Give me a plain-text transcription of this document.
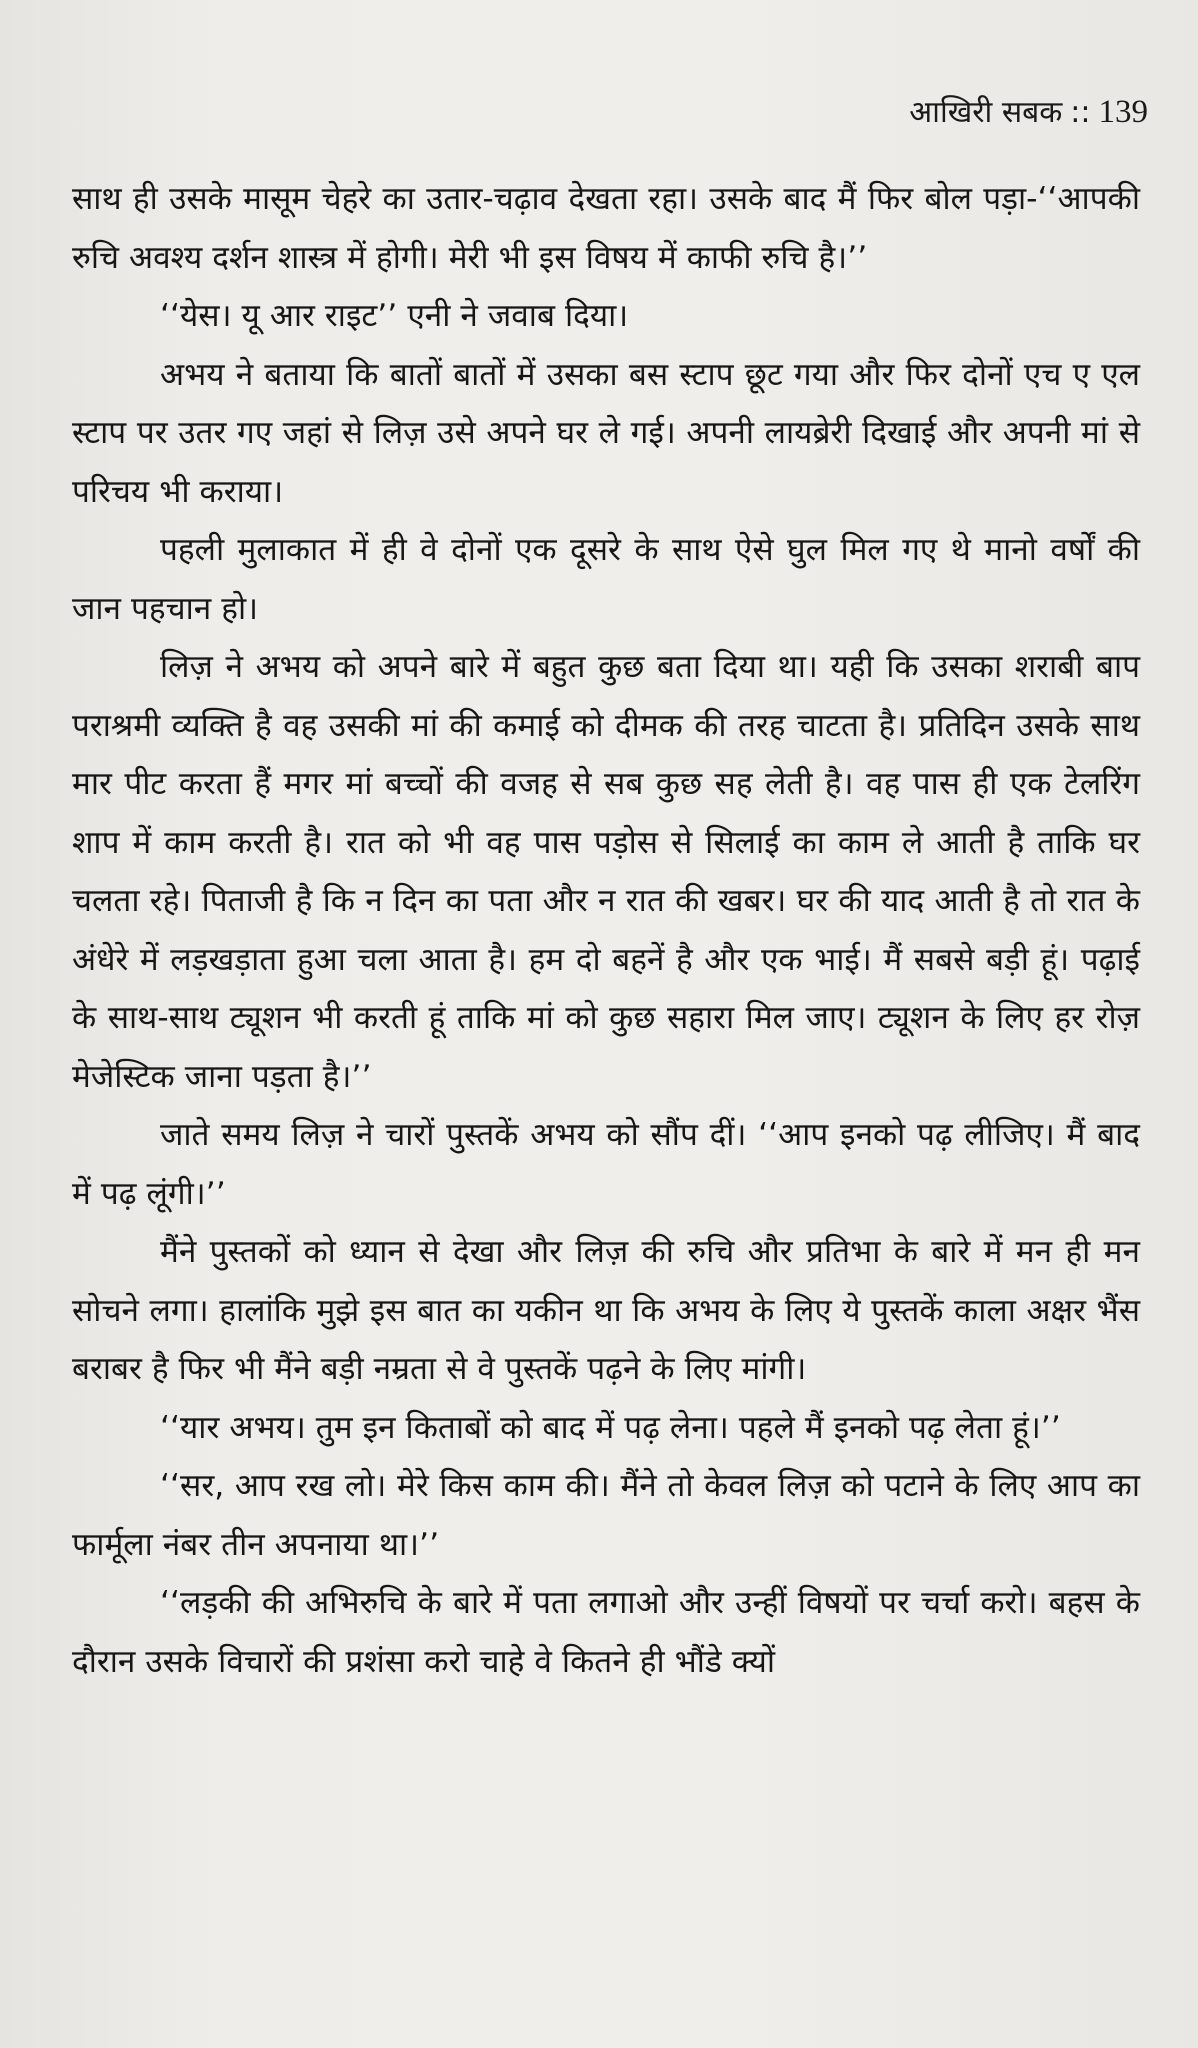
आखिरी सबक :: 139

साथ ही उसके मासूम चेहरे का उतार-चढ़ाव देखता रहा। उसके बाद मैं फिर बोल पड़ा-‘‘आपकी रुचि अवश्य दर्शन शास्त्र में होगी। मेरी भी इस विषय में काफी रुचि है।’’

‘‘येस। यू आर राइट’’ एनी ने जवाब दिया।

अभय ने बताया कि बातों बातों में उसका बस स्टाप छूट गया और फिर दोनों एच ए एल स्टाप पर उतर गए जहां से लिज़ उसे अपने घर ले गई। अपनी लायब्रेरी दिखाई और अपनी मां से परिचय भी कराया।

पहली मुलाकात में ही वे दोनों एक दूसरे के साथ ऐसे घुल मिल गए थे मानो वर्षों की जान पहचान हो।

लिज़ ने अभय को अपने बारे में बहुत कुछ बता दिया था। यही कि उसका शराबी बाप पराश्रमी व्यक्ति है वह उसकी मां की कमाई को दीमक की तरह चाटता है। प्रतिदिन उसके साथ मार पीट करता हैं मगर मां बच्चों की वजह से सब कुछ सह लेती है। वह पास ही एक टेलरिंग शाप में काम करती है। रात को भी वह पास पड़ोस से सिलाई का काम ले आती है ताकि घर चलता रहे। पिताजी है कि न दिन का पता और न रात की खबर। घर की याद आती है तो रात के अंधेरे में लड़खड़ाता हुआ चला आता है। हम दो बहनें है और एक भाई। मैं सबसे बड़ी हूं। पढ़ाई के साथ-साथ ट्यूशन भी करती हूं ताकि मां को कुछ सहारा मिल जाए। ट्यूशन के लिए हर रोज़ मेजेस्टिक जाना पड़ता है।’’

जाते समय लिज़ ने चारों पुस्तकें अभय को सौंप दीं। ‘‘आप इनको पढ़ लीजिए। मैं बाद में पढ़ लूंगी।’’

मैंने पुस्तकों को ध्यान से देखा और लिज़ की रुचि और प्रतिभा के बारे में मन ही मन सोचने लगा। हालांकि मुझे इस बात का यकीन था कि अभय के लिए ये पुस्तकें काला अक्षर भैंस बराबर है फिर भी मैंने बड़ी नम्रता से वे पुस्तकें पढ़ने के लिए मांगी।

‘‘यार अभय। तुम इन किताबों को बाद में पढ़ लेना। पहले मैं इनको पढ़ लेता हूं।’’

‘‘सर, आप रख लो। मेरे किस काम की। मैंने तो केवल लिज़ को पटाने के लिए आप का फार्मूला नंबर तीन अपनाया था।’’

‘‘लड़की की अभिरुचि के बारे में पता लगाओ और उन्हीं विषयों पर चर्चा करो। बहस के दौरान उसके विचारों की प्रशंसा करो चाहे वे कितने ही भौंडे क्यों
